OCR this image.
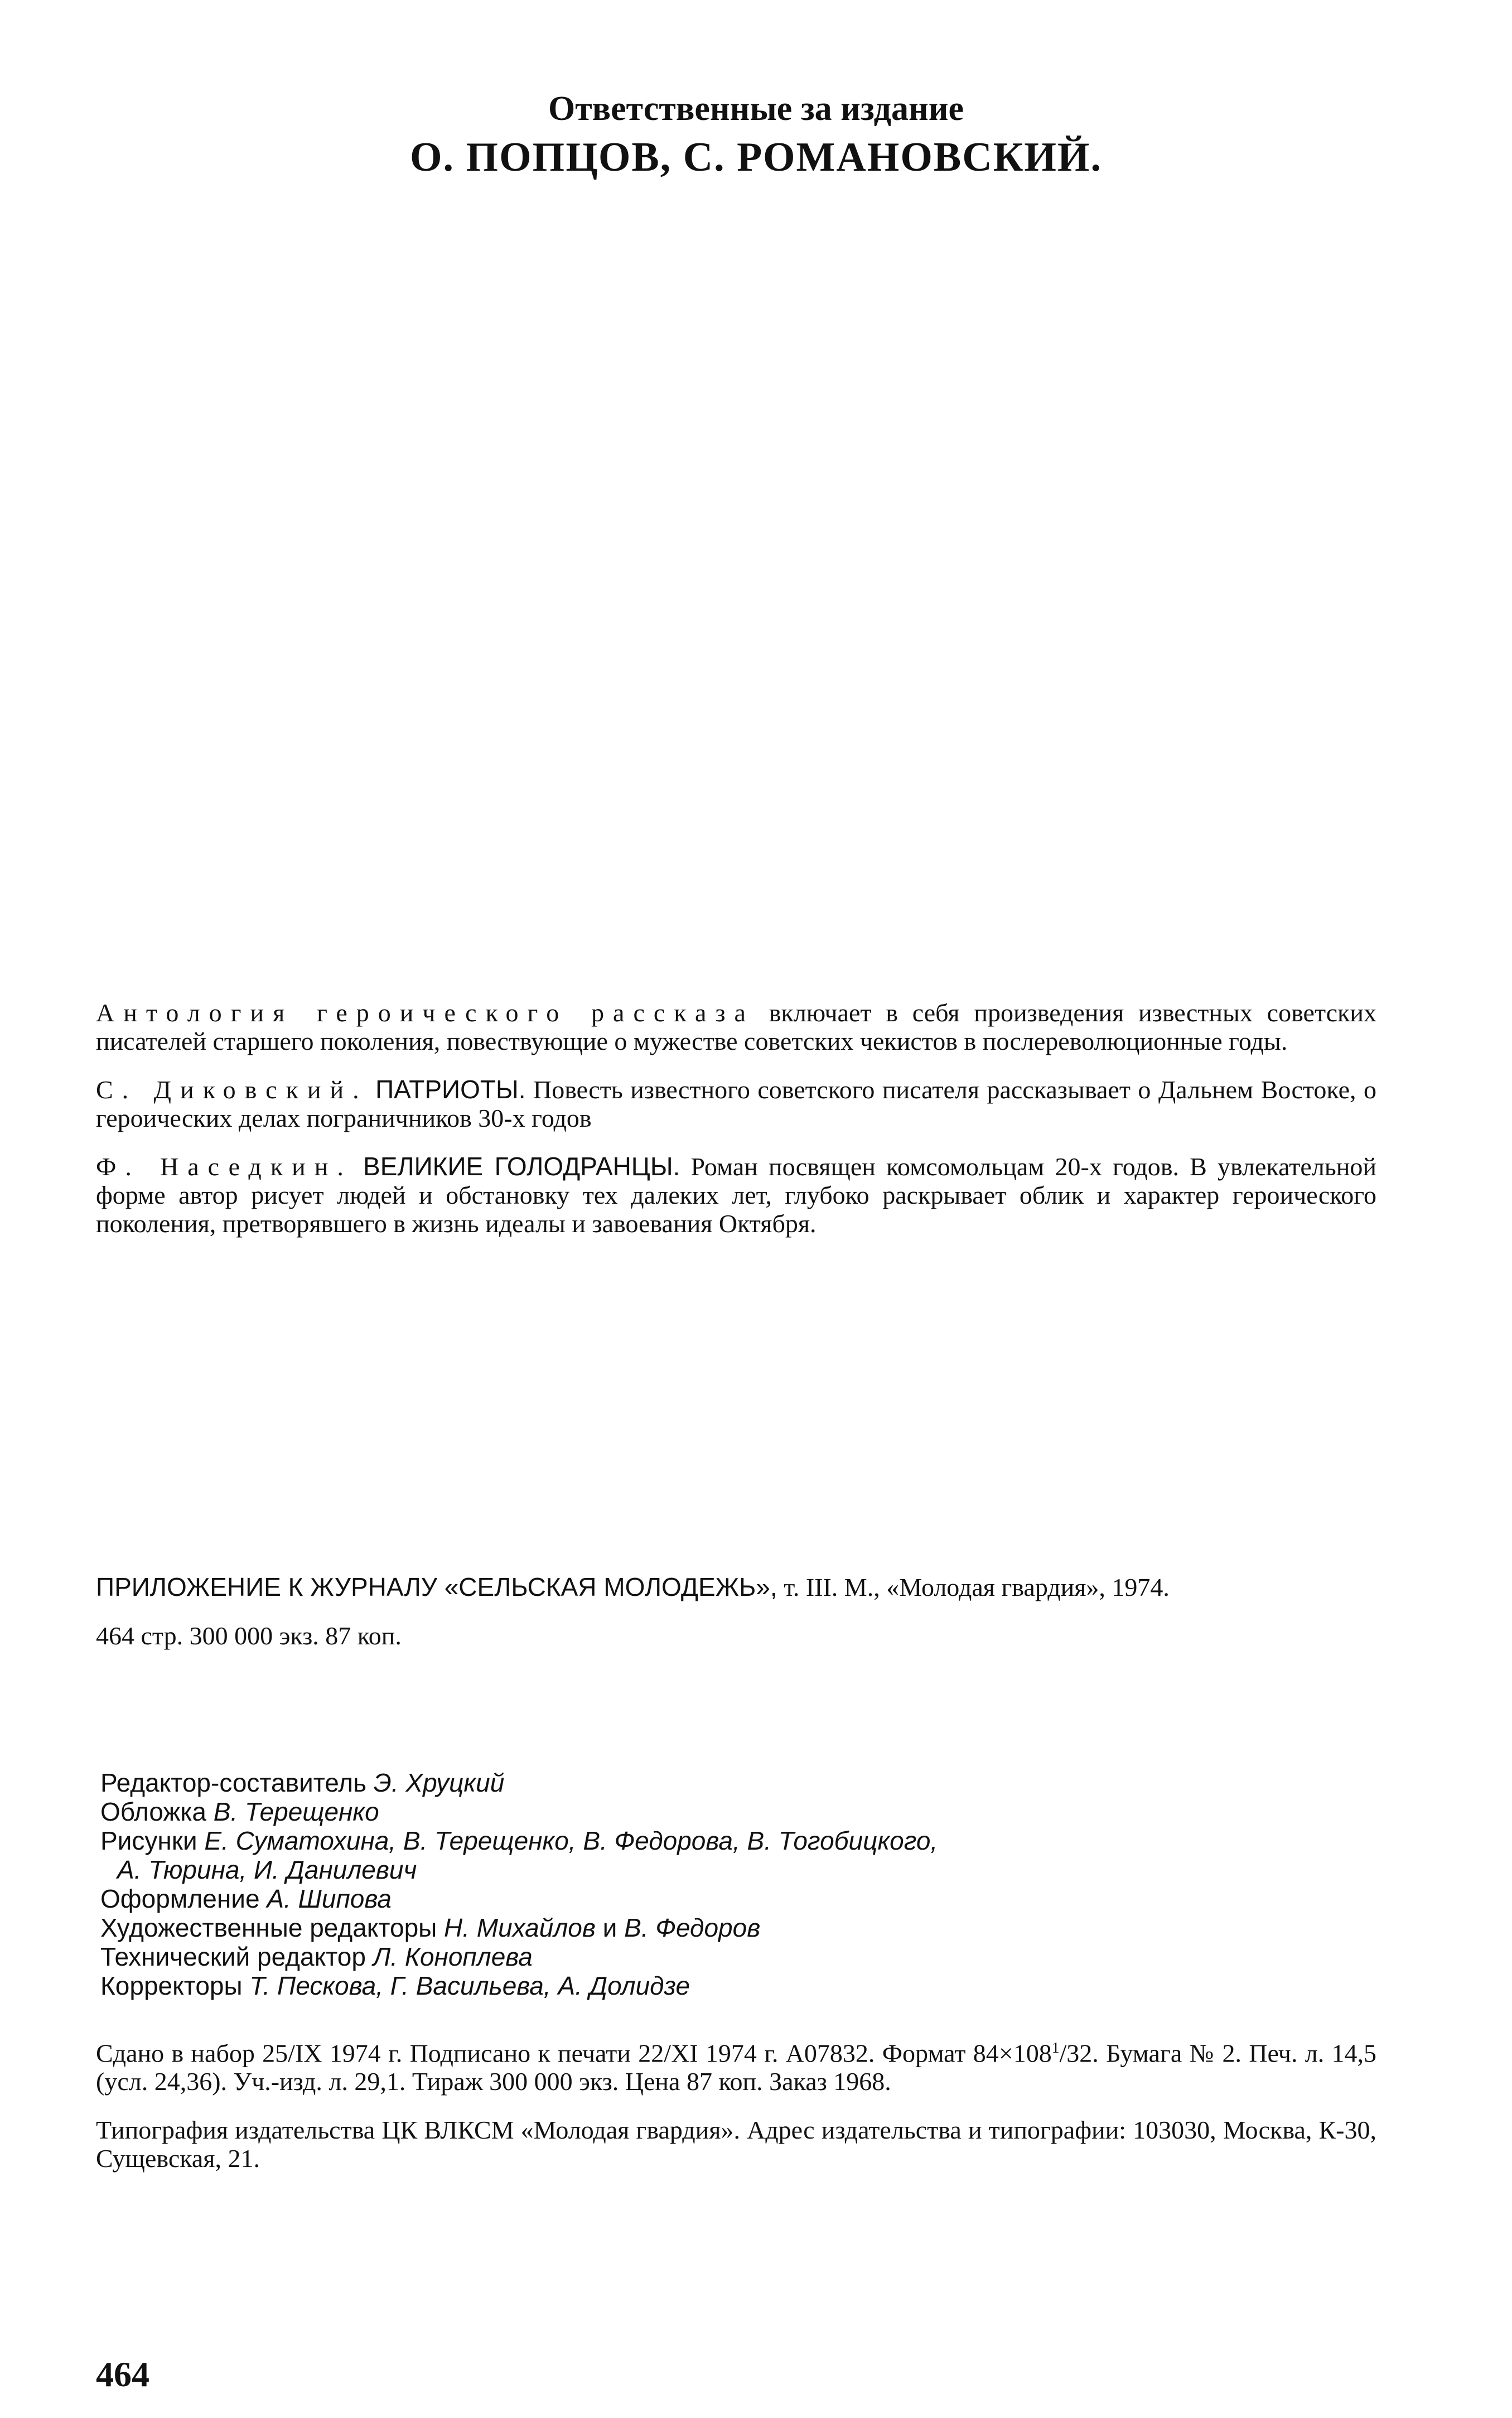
Ответственные за издание
О. ПОПЦОВ, С. РОМАНОВСКИЙ.

Антология героического рассказа включает в себя произведения известных советских писателей старшего поколения, повествующие о мужестве советских чекистов в послереволюционные годы.

С. Диковский. ПАТРИОТЫ. Повесть известного советского писателя рассказывает о Дальнем Востоке, о героических делах пограничников 30-х годов

Ф. Наседкин. ВЕЛИКИЕ ГОЛОДРАНЦЫ. Роман посвящен комсомольцам 20-х годов. В увлекательной форме автор рисует людей и обстановку тех далеких лет, глубоко раскрывает облик и характер героического поколения, претворявшего в жизнь идеалы и завоевания Октября.

ПРИЛОЖЕНИЕ К ЖУРНАЛУ «СЕЛЬСКАЯ МОЛОДЕЖЬ», т. III. М., «Молодая гвардия», 1974.

464 стр. 300 000 экз. 87 коп.

Редактор-составитель Э. Хруцкий
Обложка В. Терещенко
Рисунки Е. Суматохина, В. Терещенко, В. Федорова, В. Тогобицкого,
А. Тюрина, И. Данилевич
Оформление А. Шипова
Художественные редакторы Н. Михайлов и В. Федоров
Технический редактор Л. Коноплева
Корректоры Т. Пескова, Г. Васильева, А. Долидзе

Сдано в набор 25/IX 1974 г. Подписано к печати 22/XI 1974 г. А07832. Формат $84\times 108^1/32$. Бумага № 2. Печ. л. 14,5 (усл. 24,36). Уч.-изд. л. 29,1. Тираж 300 000 экз. Цена 87 коп. Заказ 1968.

Типография издательства ЦК ВЛКСМ «Молодая гвардия». Адрес издательства и типографии: 103030, Москва, К-30, Сущевская, 21.

464
